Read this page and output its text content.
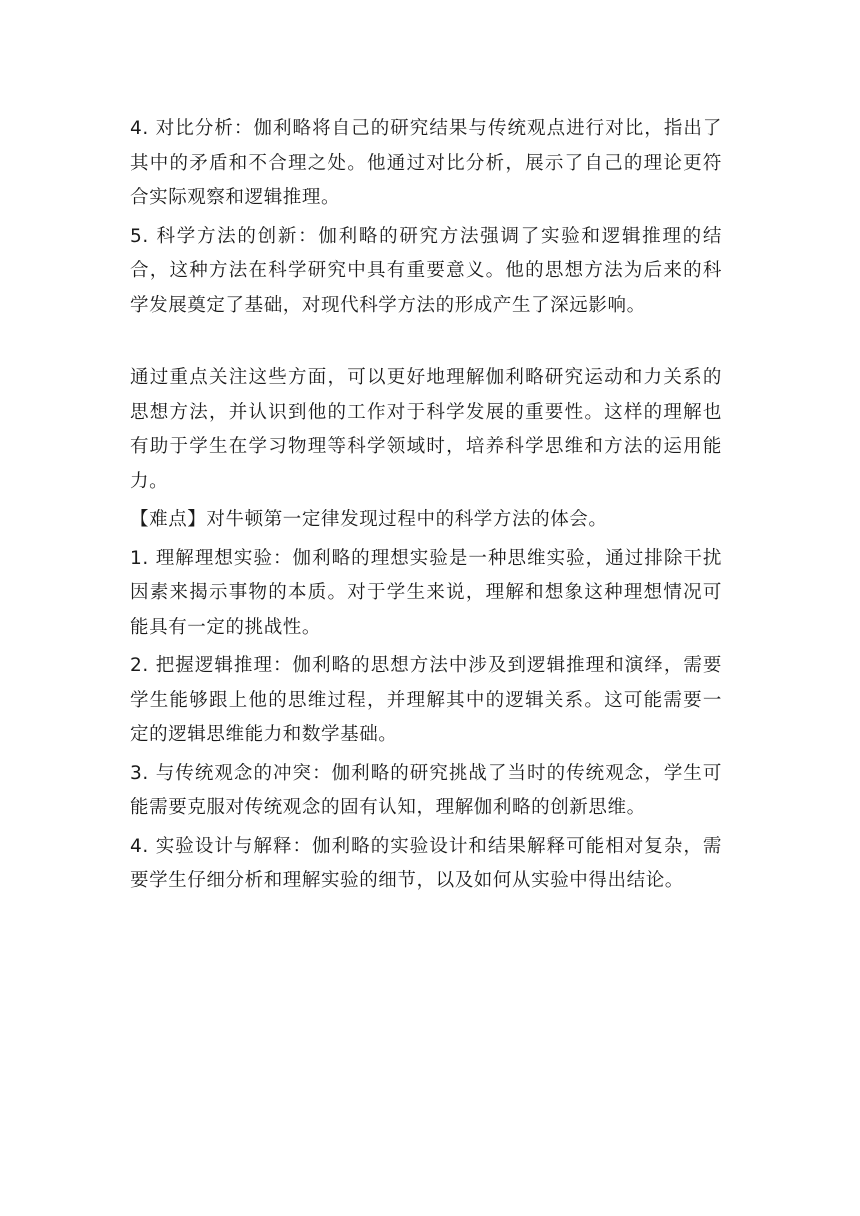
4. 对比分析：伽利略将自己的研究结果与传统观点进行对比，指出了其中的矛盾和不合理之处。他通过对比分析，展示了自己的理论更符合实际观察和逻辑推理。

5. 科学方法的创新：伽利略的研究方法强调了实验和逻辑推理的结合，这种方法在科学研究中具有重要意义。他的思想方法为后来的科学发展奠定了基础，对现代科学方法的形成产生了深远影响。

通过重点关注这些方面，可以更好地理解伽利略研究运动和力关系的思想方法，并认识到他的工作对于科学发展的重要性。这样的理解也有助于学生在学习物理等科学领域时，培养科学思维和方法的运用能力。

【难点】对牛顿第一定律发现过程中的科学方法的体会。

1. 理解理想实验：伽利略的理想实验是一种思维实验，通过排除干扰因素来揭示事物的本质。对于学生来说，理解和想象这种理想情况可能具有一定的挑战性。

2. 把握逻辑推理：伽利略的思想方法中涉及到逻辑推理和演绎，需要学生能够跟上他的思维过程，并理解其中的逻辑关系。这可能需要一定的逻辑思维能力和数学基础。

3. 与传统观念的冲突：伽利略的研究挑战了当时的传统观念，学生可能需要克服对传统观念的固有认知，理解伽利略的创新思维。

4. 实验设计与解释：伽利略的实验设计和结果解释可能相对复杂，需要学生仔细分析和理解实验的细节，以及如何从实验中得出结论。
